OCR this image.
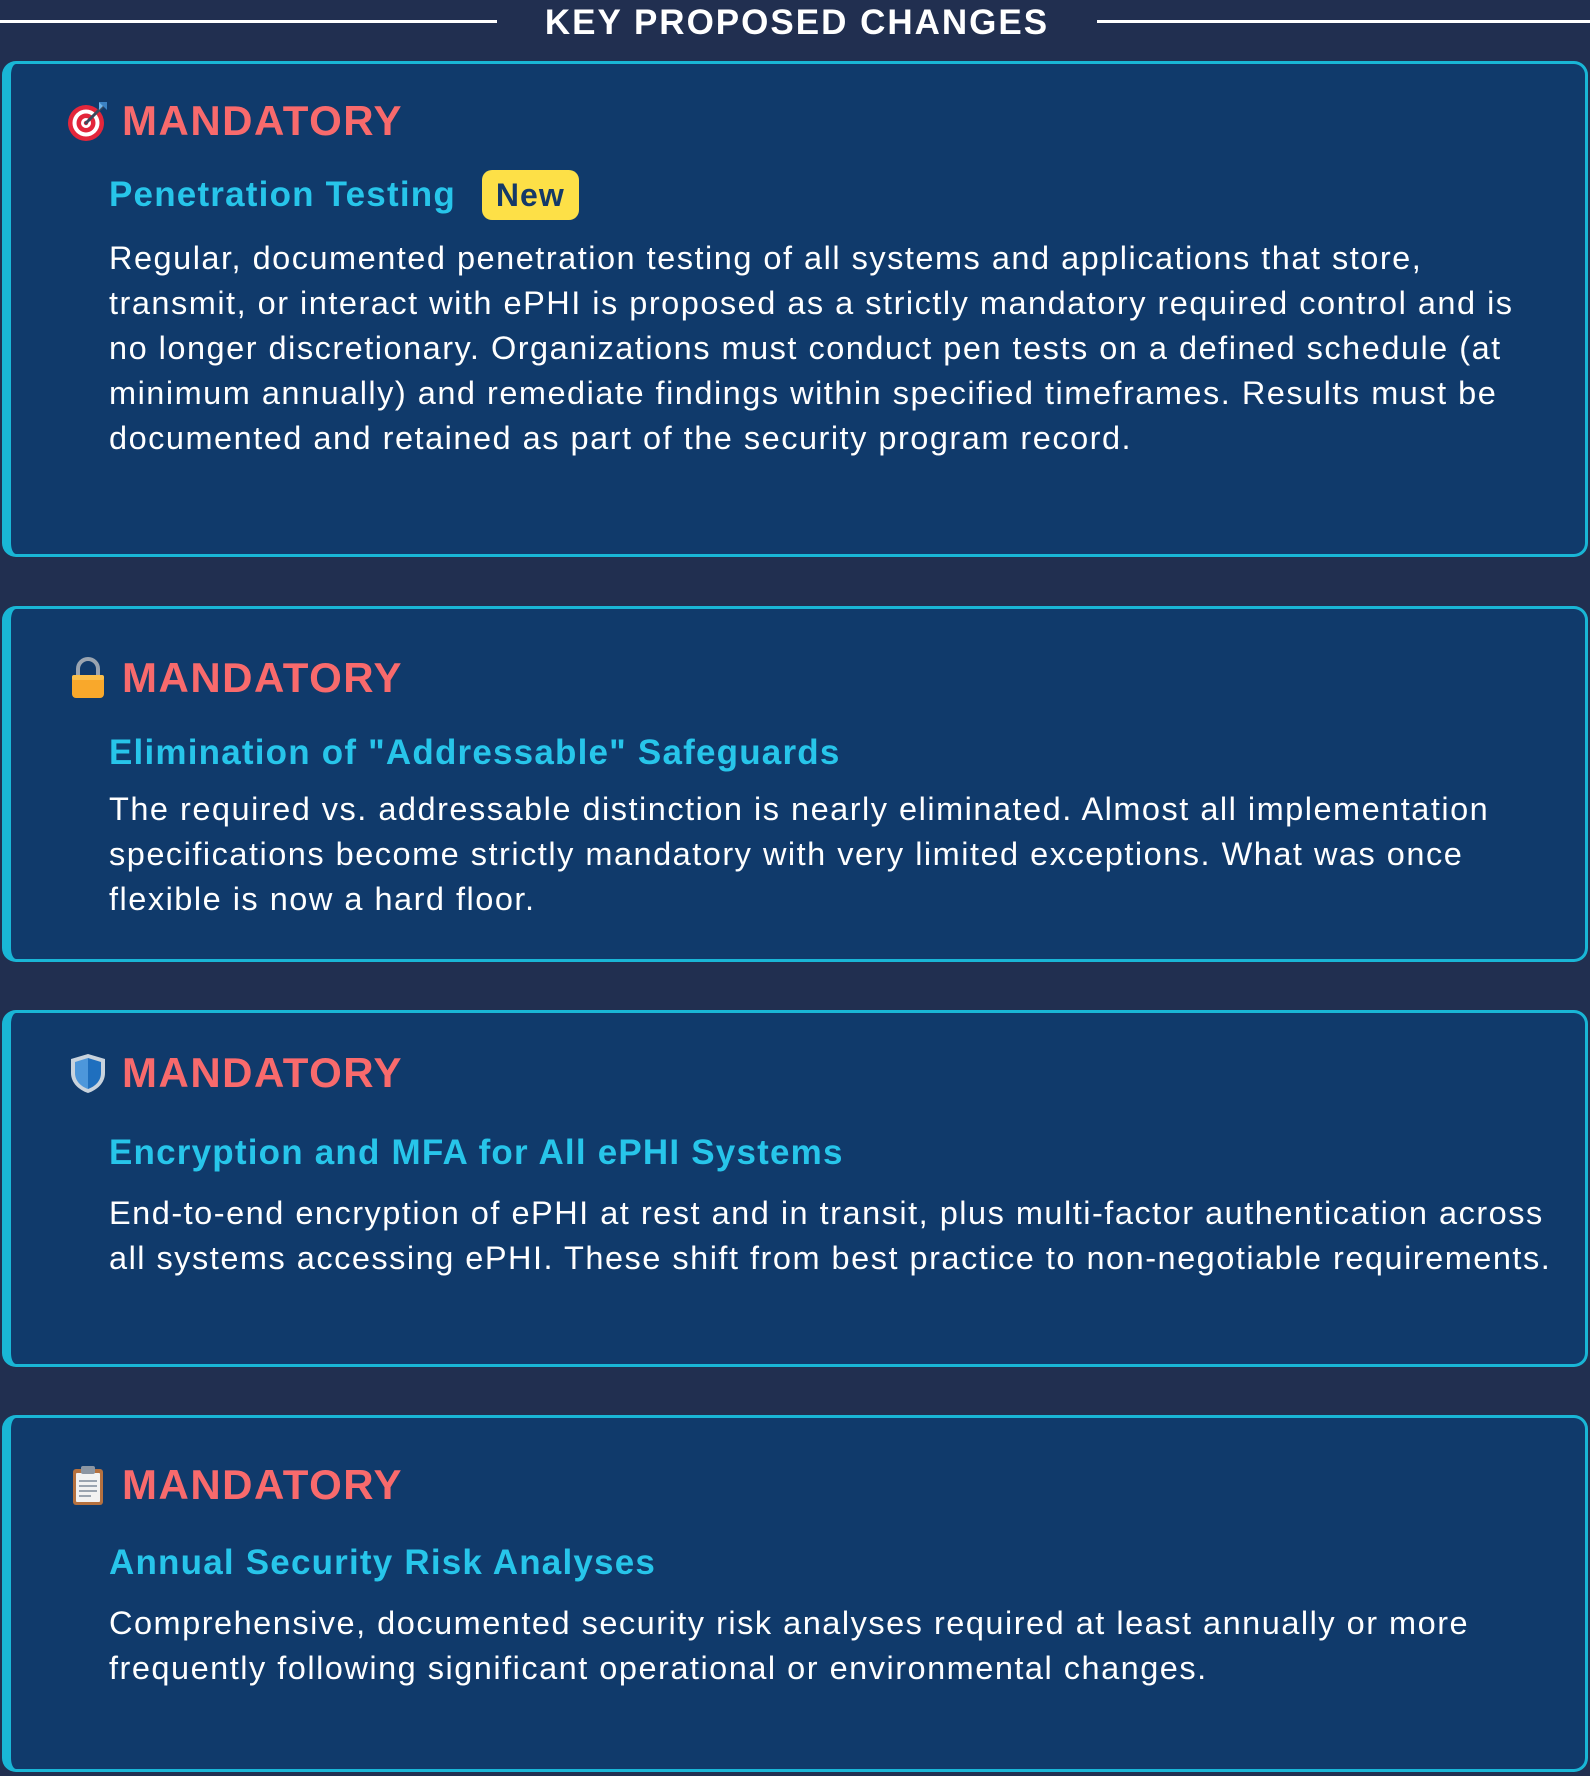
KEY PROPOSED CHANGES
MANDATORY
Penetration Testing	New

Regular, documented penetration testing of all systems and applications that store, transmit, or interact with ePHI is proposed as a strictly mandatory required control and is no longer discretionary. Organizations must conduct pen tests on a defined schedule (at minimum annually) and remediate findings within specified timeframes. Results must be documented and retained as part of the security program record.

MANDATORY
Elimination of "Addressable" Safeguards

The required vs. addressable distinction is nearly eliminated. Almost all implementation specifications become strictly mandatory with very limited exceptions. What was once flexible is now a hard floor.

MANDATORY
Encryption and MFA for All ePHI Systems

End-to-end encryption of ePHI at rest and in transit, plus multi-factor authentication across all systems accessing ePHI. These shift from best practice to non-negotiable requirements.

MANDATORY
Annual Security Risk Analyses

Comprehensive, documented security risk analyses required at least annually or more frequently following significant operational or environmental changes.
